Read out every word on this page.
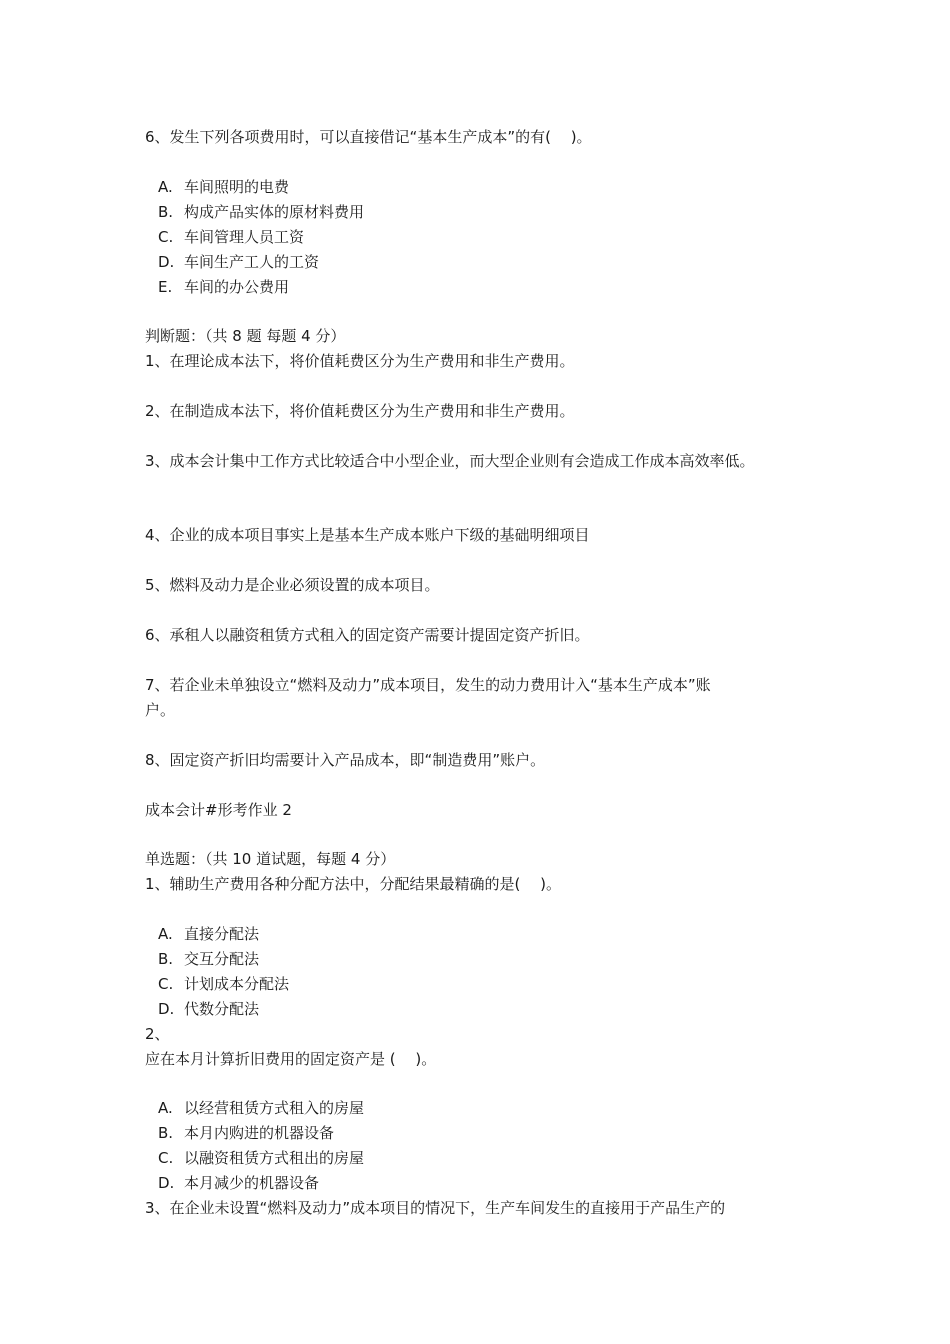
6、发生下列各项费用时，可以直接借记“基本生产成本”的有(　 )。
A. 车间照明的电费
B. 构成产品实体的原材料费用
C. 车间管理人员工资
D. 车间生产工人的工资
E. 车间的办公费用
判断题：（共 8 题 每题 4 分）
1、在理论成本法下，将价值耗费区分为生产费用和非生产费用。
2、在制造成本法下，将价值耗费区分为生产费用和非生产费用。
3、成本会计集中工作方式比较适合中小型企业，而大型企业则有会造成工作成本高效率低。
4、企业的成本项目事实上是基本生产成本账户下级的基础明细项目
5、燃料及动力是企业必须设置的成本项目。
6、承租人以融资租赁方式租入的固定资产需要计提固定资产折旧。
7、若企业未单独设立“燃料及动力”成本项目，发生的动力费用计入“基本生产成本”账
户。
8、固定资产折旧均需要计入产品成本，即“制造费用”账户。
成本会计#形考作业 2
单选题：（共 10 道试题，每题 4 分）
1、辅助生产费用各种分配方法中，分配结果最精确的是(　 )。
A. 直接分配法
B. 交互分配法
C. 计划成本分配法
D. 代数分配法
2、
应在本月计算折旧费用的固定资产是 (　 )。
A. 以经营租赁方式租入的房屋
B. 本月内购进的机器设备
C. 以融资租赁方式租出的房屋
D. 本月减少的机器设备
3、在企业未设置“燃料及动力”成本项目的情况下，生产车间发生的直接用于产品生产的
